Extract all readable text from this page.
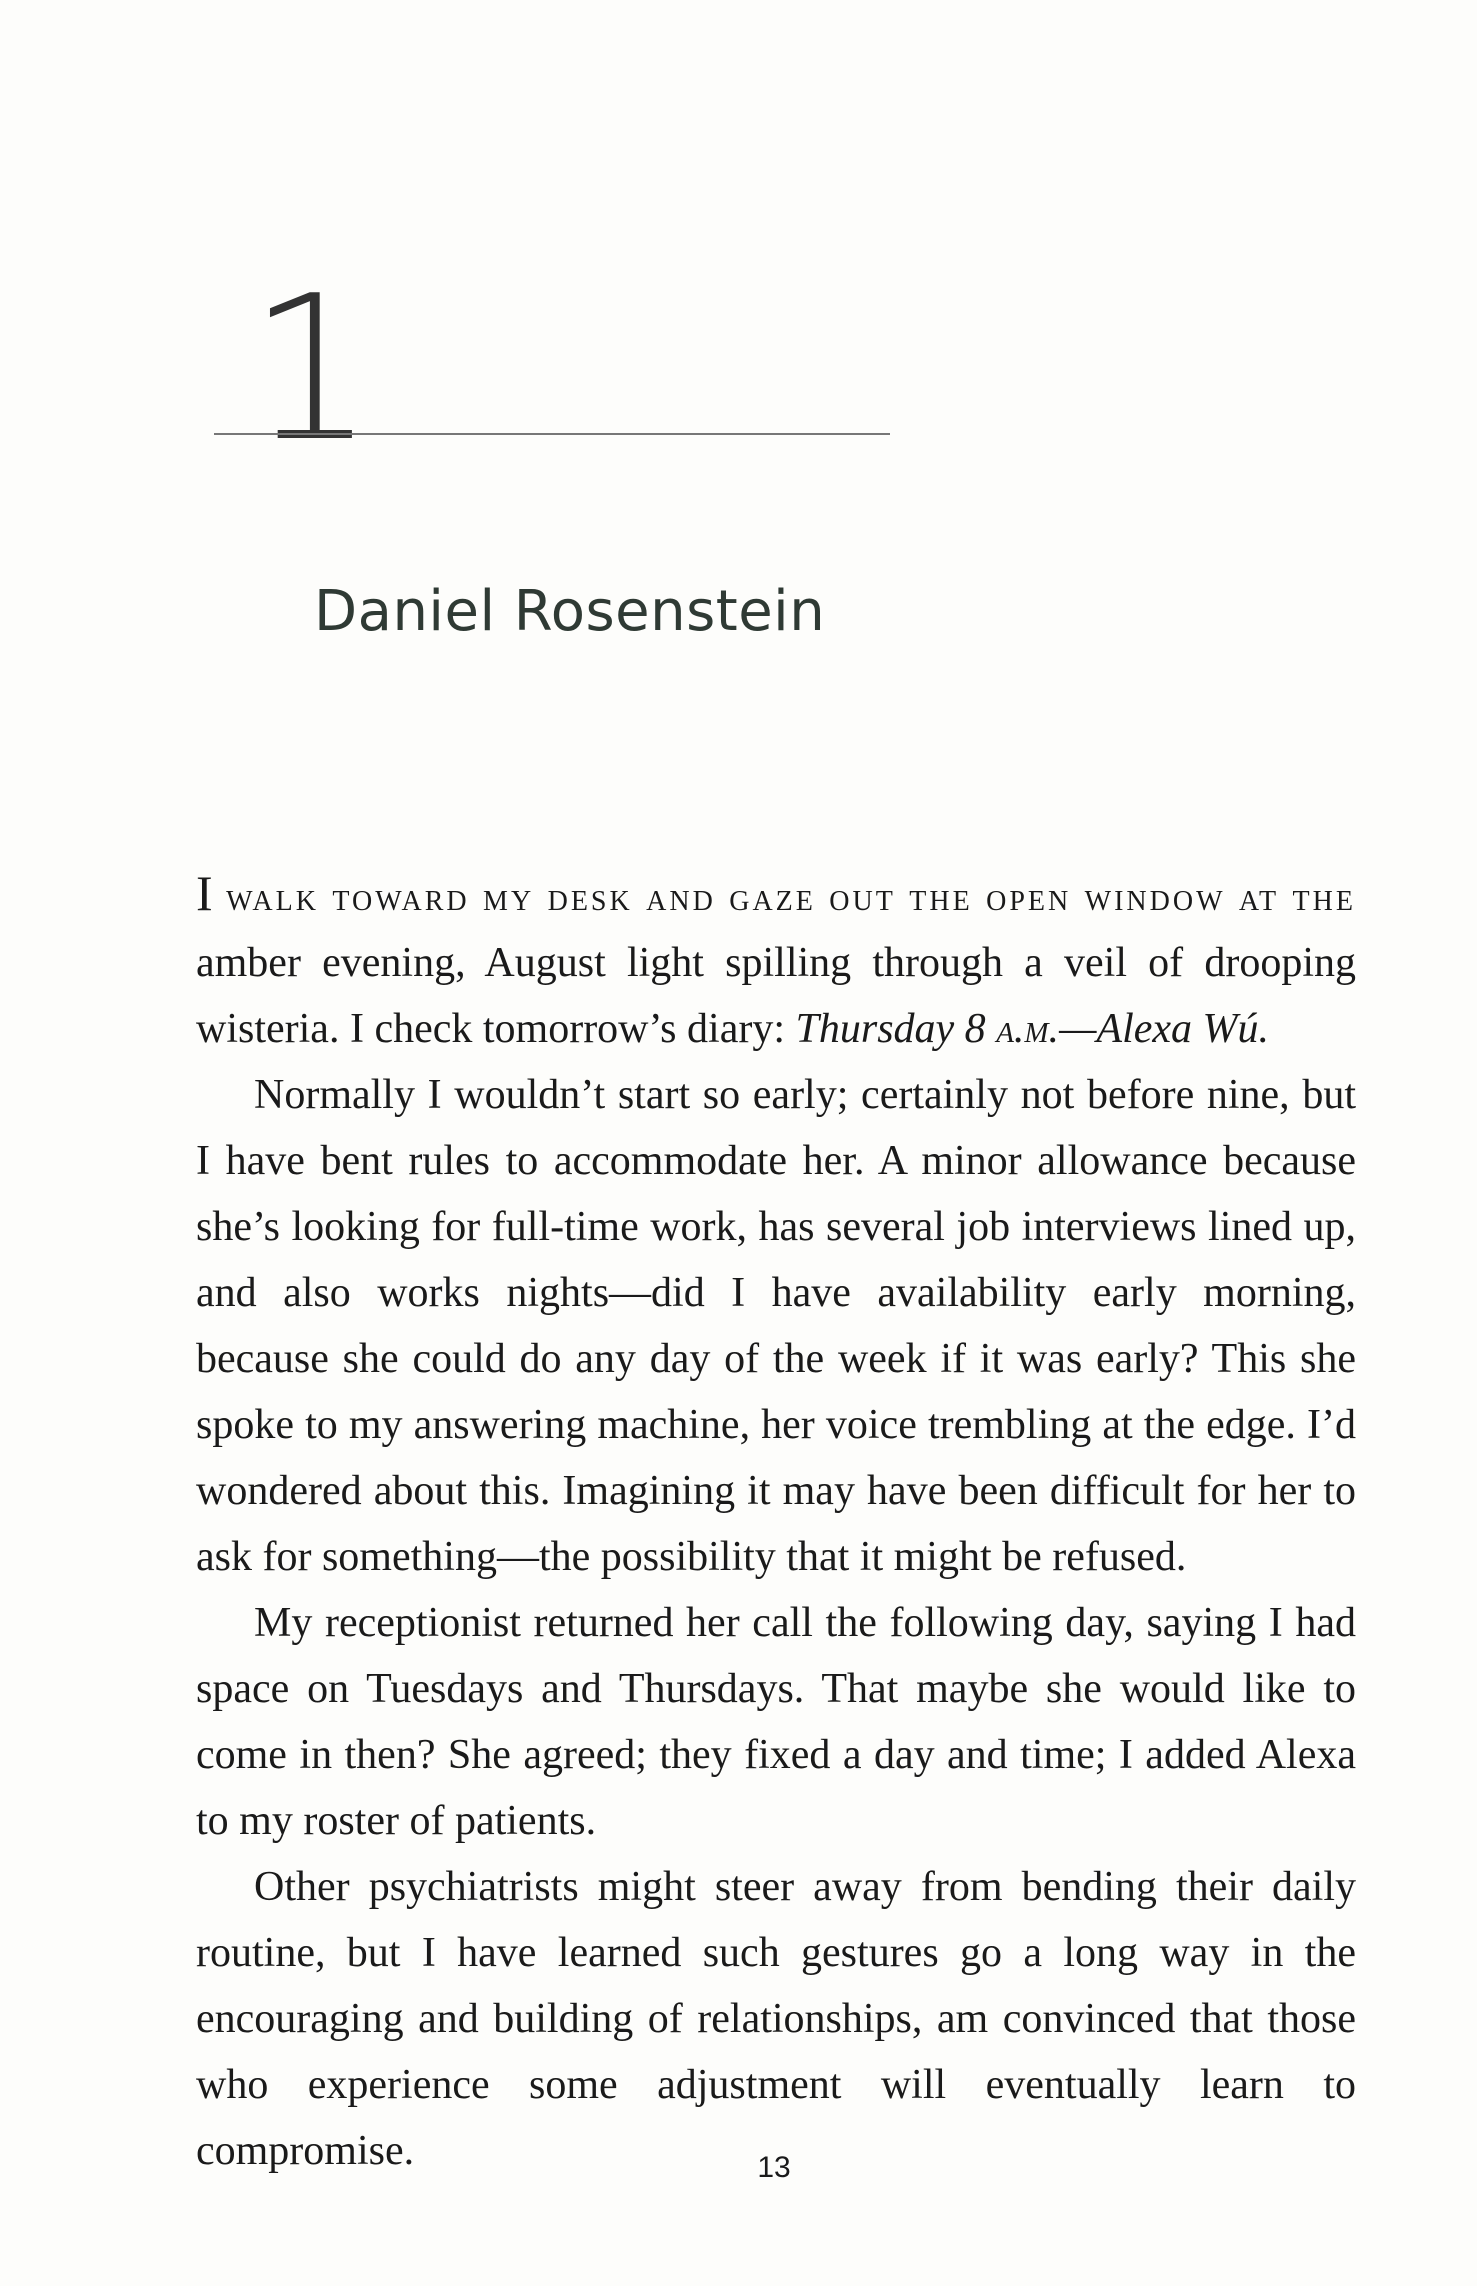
1
Daniel Rosenstein

I walk toward my desk and gaze out the open window at the amber evening, August light spilling through a veil of drooping wisteria. I check tomorrow’s diary: Thursday 8 a.m.—Alexa Wú.

Normally I wouldn’t start so early; certainly not before nine, but I have bent rules to accommodate her. A minor allowance because she’s looking for full-time work, has several job interviews lined up, and also works nights—did I have availability early morning, because she could do any day of the week if it was early? This she spoke to my answering machine, her voice trembling at the edge. I’d wondered about this. Imagining it may have been difficult for her to ask for something—the possibility that it might be refused.

My receptionist returned her call the following day, saying I had space on Tuesdays and Thursdays. That maybe she would like to come in then? She agreed; they fixed a day and time; I added Alexa to my roster of patients.

Other psychiatrists might steer away from bending their daily routine, but I have learned such gestures go a long way in the encouraging and building of relationships, am convinced that those who experience some adjustment will eventually learn to compromise.	13
